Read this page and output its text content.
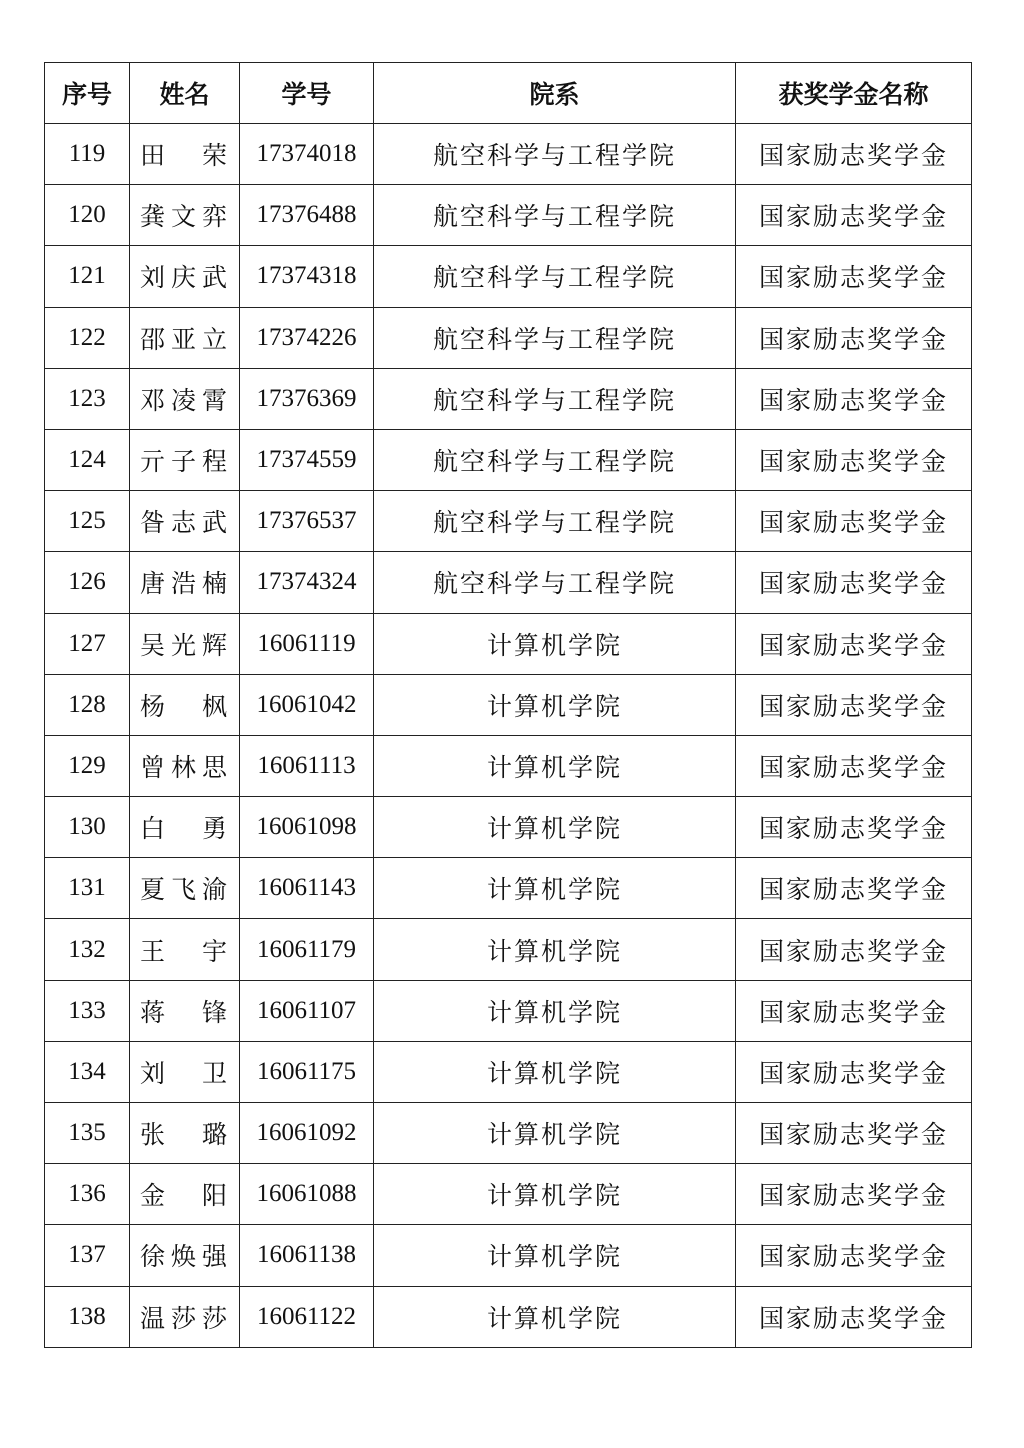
序号	姓名	学号	院系	获奖学金名称
119	田 荣	17374018	航空科学与工程学院	国家励志奖学金
120	龚文弈	17376488	航空科学与工程学院	国家励志奖学金
121	刘庆武	17374318	航空科学与工程学院	国家励志奖学金
122	邵亚立	17374226	航空科学与工程学院	国家励志奖学金
123	邓凌霄	17376369	航空科学与工程学院	国家励志奖学金
124	亓子程	17374559	航空科学与工程学院	国家励志奖学金
125	昝志武	17376537	航空科学与工程学院	国家励志奖学金
126	唐浩楠	17374324	航空科学与工程学院	国家励志奖学金
127	吴光辉	16061119	计算机学院	国家励志奖学金
128	杨 枫	16061042	计算机学院	国家励志奖学金
129	曾林思	16061113	计算机学院	国家励志奖学金
130	白 勇	16061098	计算机学院	国家励志奖学金
131	夏飞渝	16061143	计算机学院	国家励志奖学金
132	王 宇	16061179	计算机学院	国家励志奖学金
133	蒋 锋	16061107	计算机学院	国家励志奖学金
134	刘 卫	16061175	计算机学院	国家励志奖学金
135	张 璐	16061092	计算机学院	国家励志奖学金
136	金 阳	16061088	计算机学院	国家励志奖学金
137	徐焕强	16061138	计算机学院	国家励志奖学金
138	温莎莎	16061122	计算机学院	国家励志奖学金
